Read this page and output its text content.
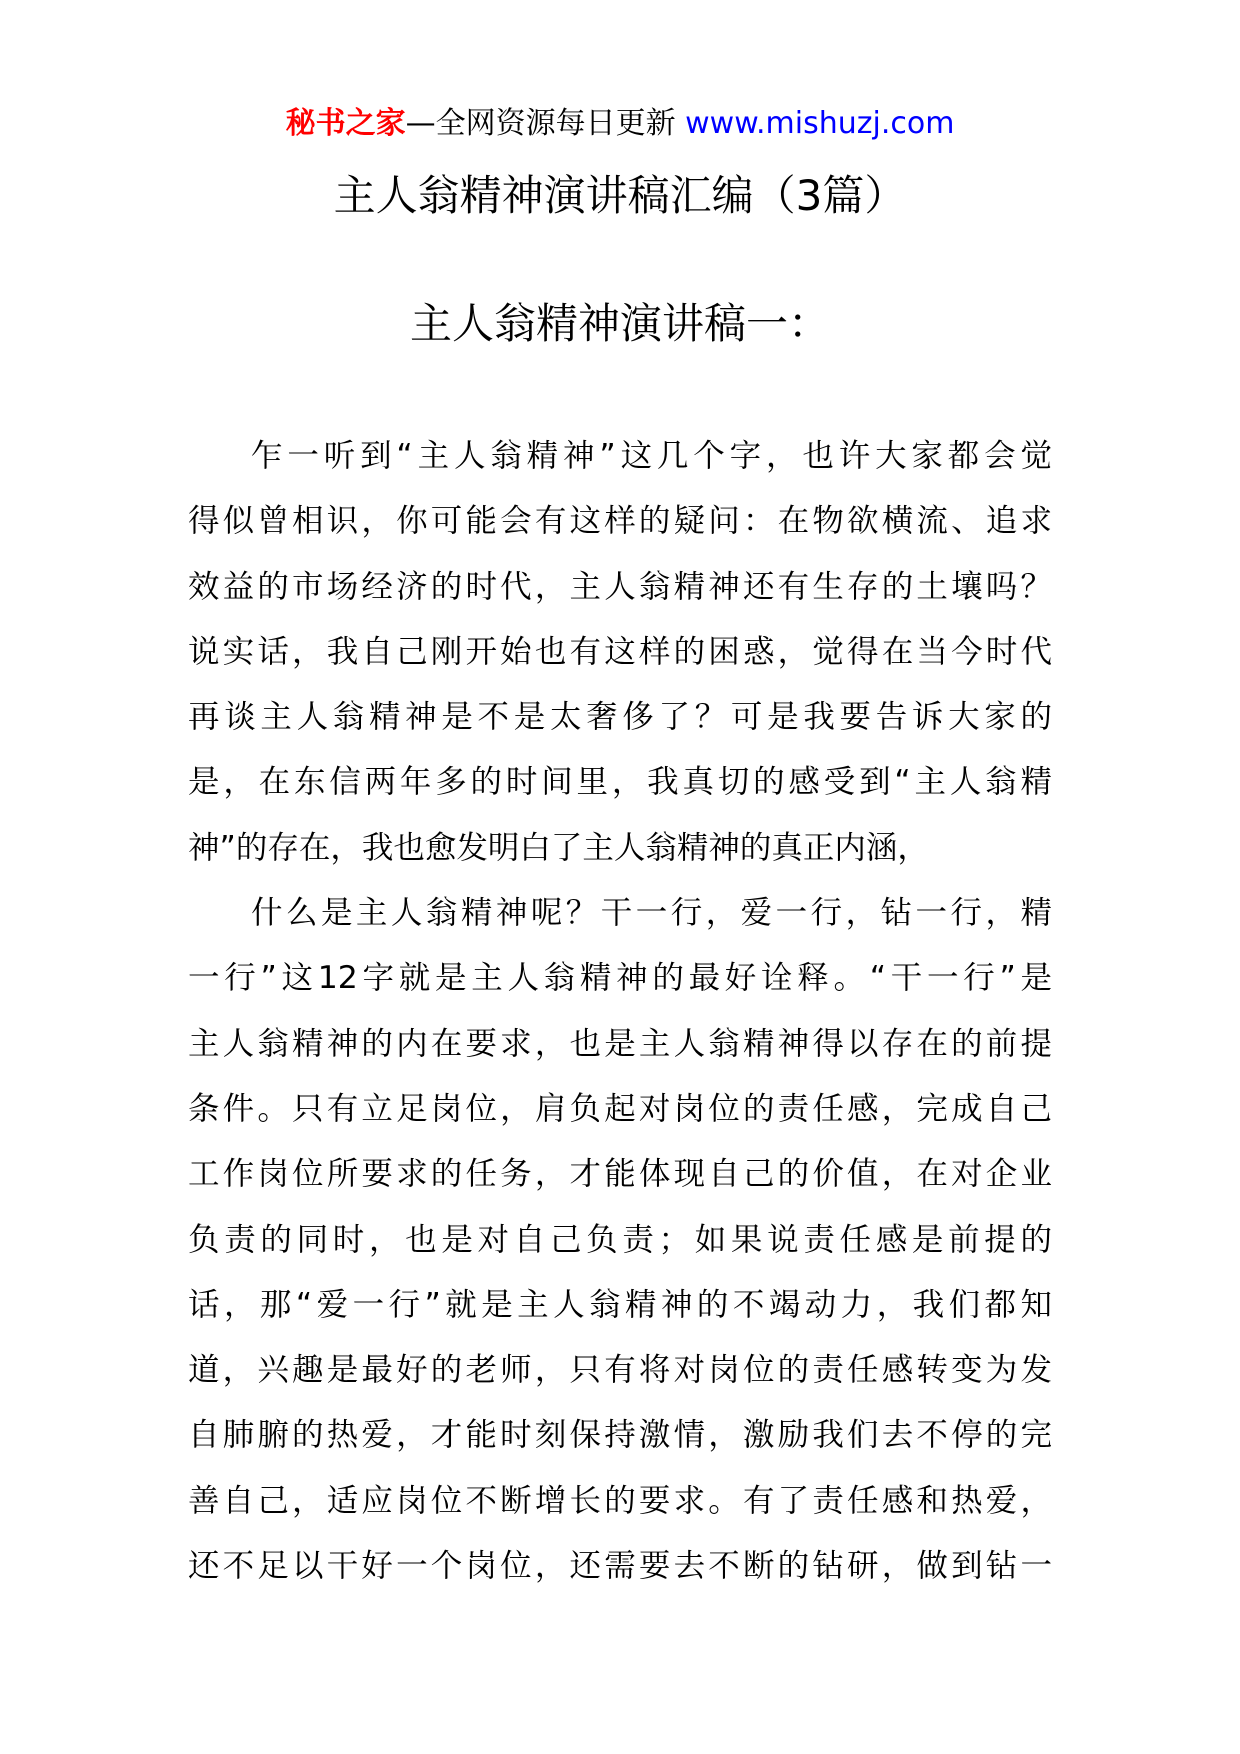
秘书之家—全网资源每日更新 www.mishuzj.com
主人翁精神演讲稿汇编（3篇）
主人翁精神演讲稿一：
乍一听到“主人翁精神”这几个字，也许大家都会觉
得似曾相识，你可能会有这样的疑问：在物欲横流、追求
效益的市场经济的时代，主人翁精神还有生存的土壤吗？
说实话，我自己刚开始也有这样的困惑，觉得在当今时代
再谈主人翁精神是不是太奢侈了？可是我要告诉大家的
是，在东信两年多的时间里，我真切的感受到“主人翁精
神”的存在，我也愈发明白了主人翁精神的真正内涵，
什么是主人翁精神呢？干一行，爱一行，钻一行，精
一行”这12字就是主人翁精神的最好诠释。“干一行”是
主人翁精神的内在要求，也是主人翁精神得以存在的前提
条件。只有立足岗位，肩负起对岗位的责任感，完成自己
工作岗位所要求的任务，才能体现自己的价值，在对企业
负责的同时，也是对自己负责；如果说责任感是前提的
话，那“爱一行”就是主人翁精神的不竭动力，我们都知
道，兴趣是最好的老师，只有将对岗位的责任感转变为发
自肺腑的热爱，才能时刻保持激情，激励我们去不停的完
善自己，适应岗位不断增长的要求。有了责任感和热爱，
还不足以干好一个岗位，还需要去不断的钻研，做到钻一
